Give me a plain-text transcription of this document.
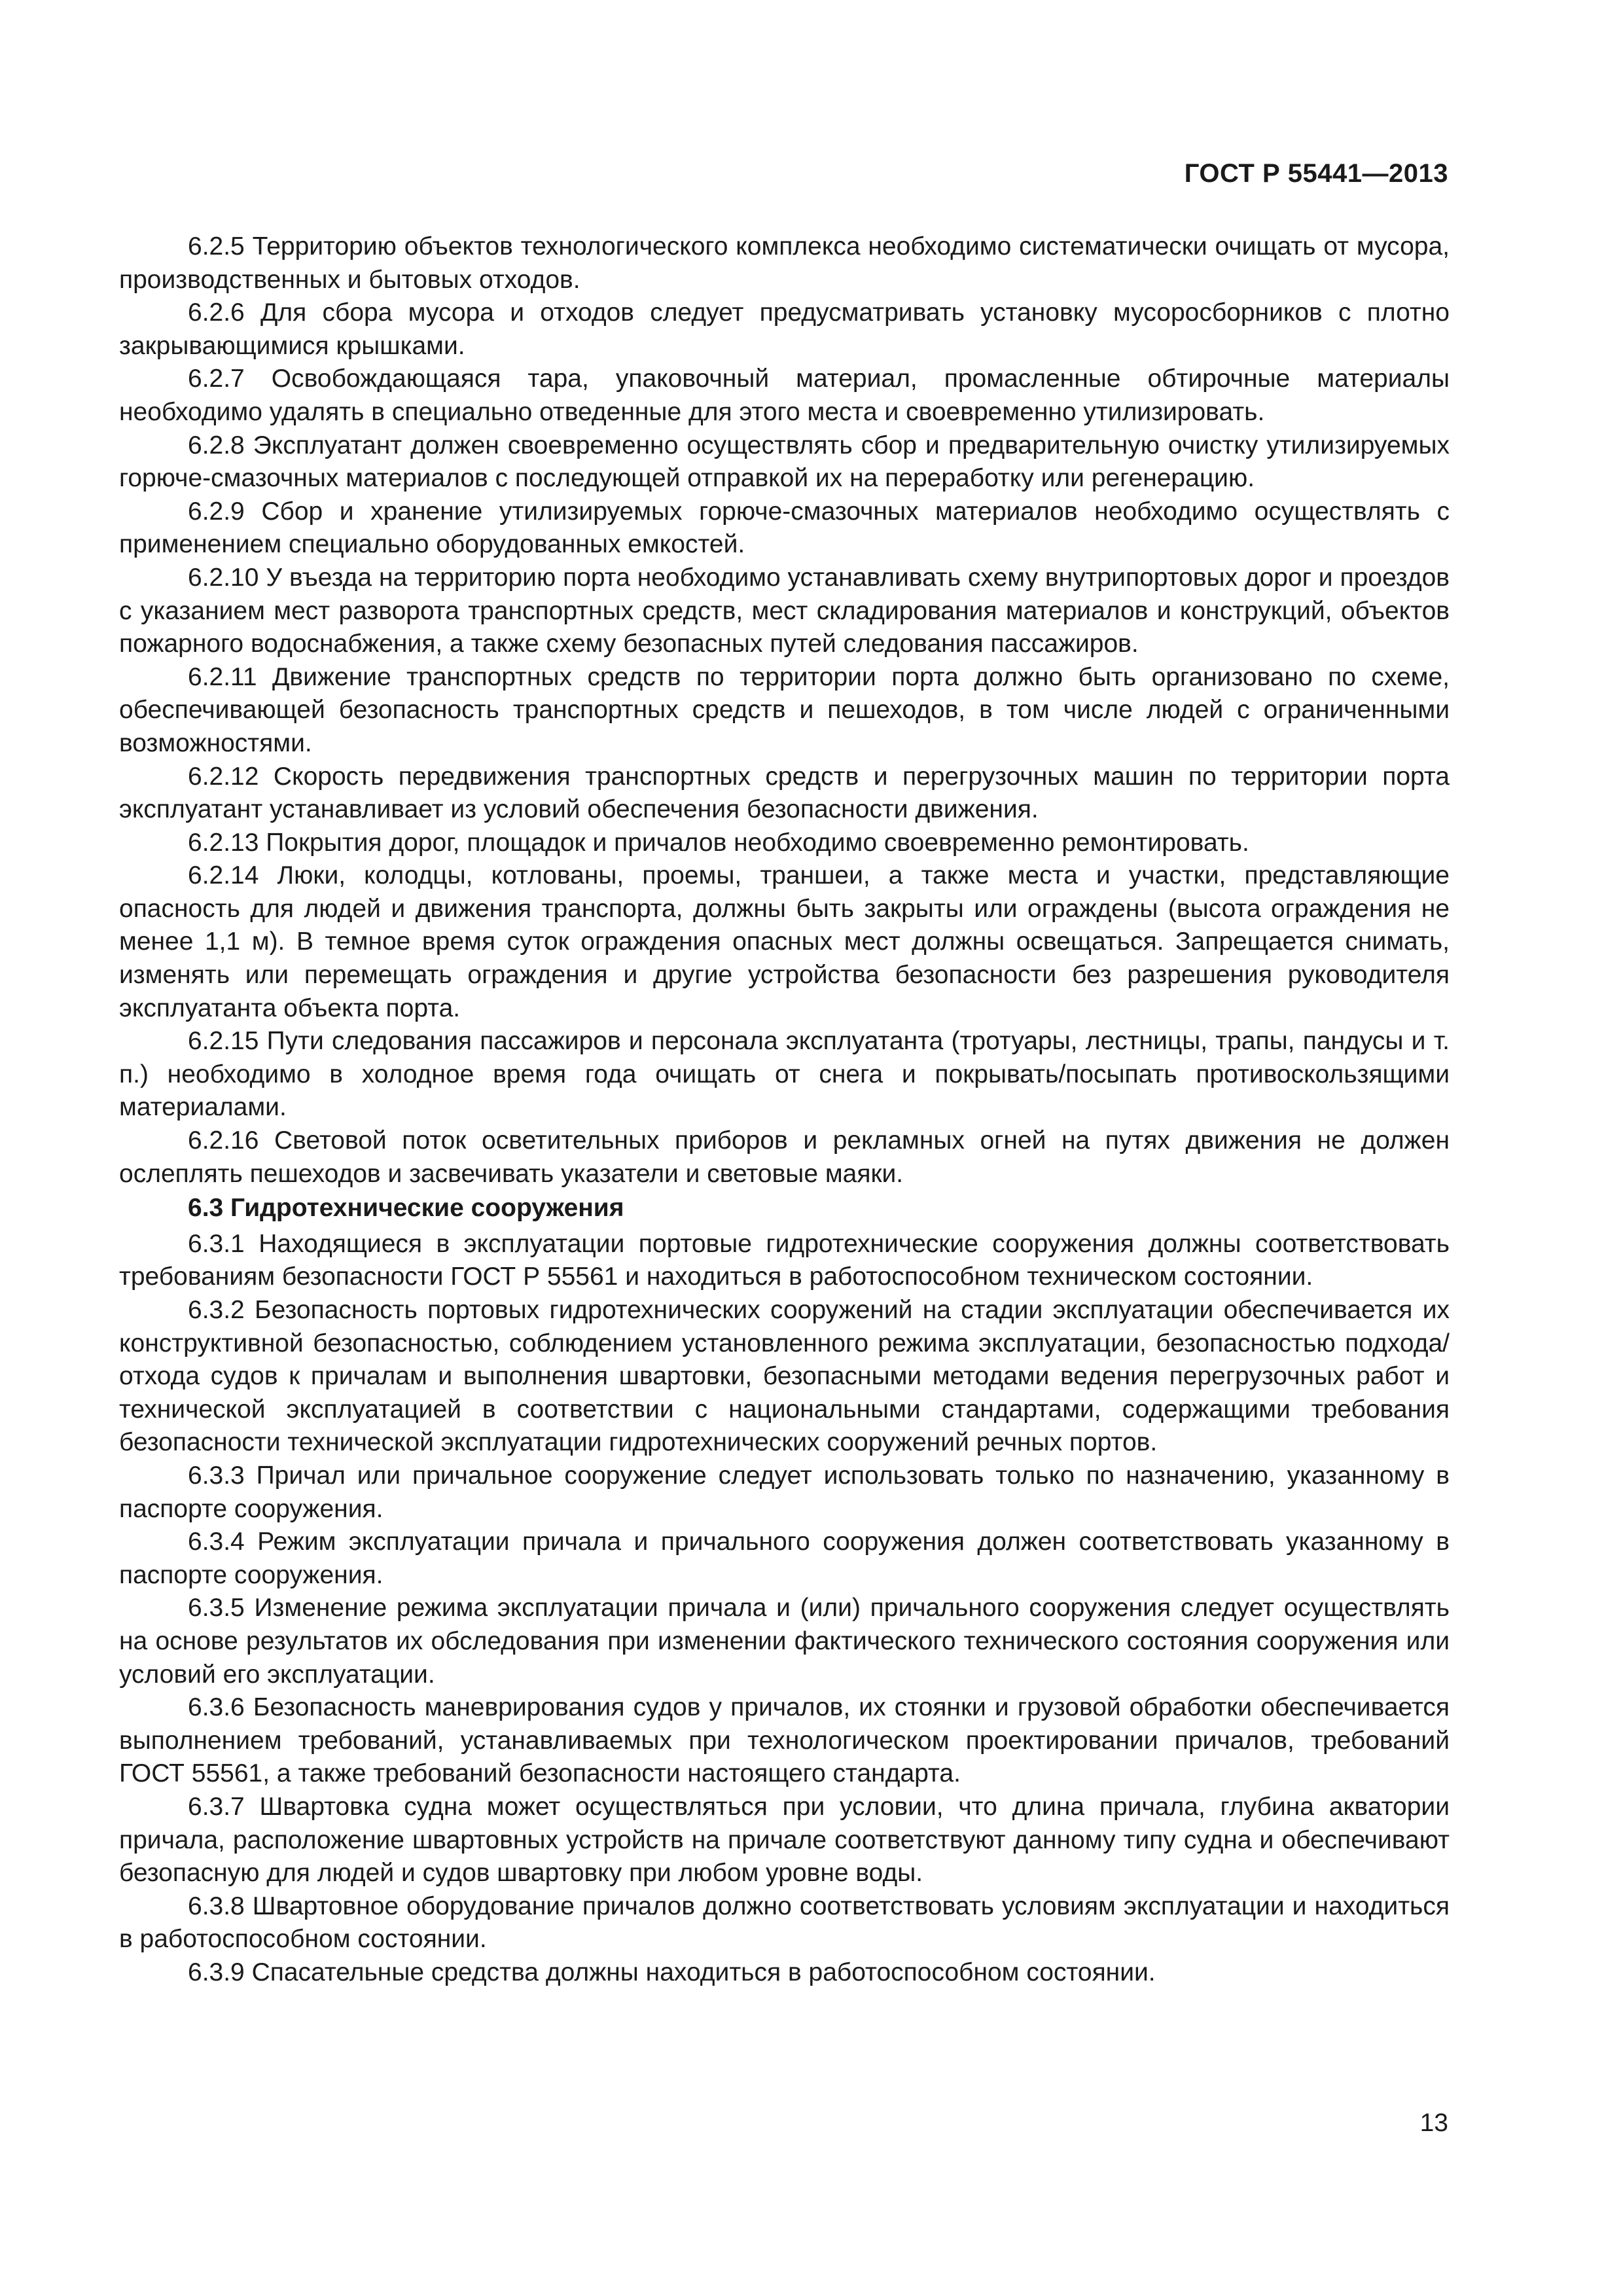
ГОСТ Р 55441—2013

6.2.5 Территорию объектов технологического комплекса необходимо систематически очищать от мусора, производственных и бытовых отходов.

6.2.6 Для сбора мусора и отходов следует предусматривать установку мусоросборников с плотно закрывающимися крышками.

6.2.7 Освобождающаяся тара, упаковочный материал, промасленные обтирочные материалы необходимо удалять в специально отведенные для этого места и своевременно утилизировать.

6.2.8 Эксплуатант должен своевременно осуществлять сбор и предварительную очистку утилизируемых горюче-смазочных материалов с последующей отправкой их на переработку или регенерацию.

6.2.9 Сбор и хранение утилизируемых горюче-смазочных материалов необходимо осуществлять с применением специально оборудованных емкостей.

6.2.10 У въезда на территорию порта необходимо устанавливать схему внутрипортовых дорог и проездов с указанием мест разворота транспортных средств, мест складирования материалов и конструкций, объектов пожарного водоснабжения, а также схему безопасных путей следования пассажиров.

6.2.11 Движение транспортных средств по территории порта должно быть организовано по схеме, обеспечивающей безопасность транспортных средств и пешеходов, в том числе людей с ограниченными возможностями.

6.2.12 Скорость передвижения транспортных средств и перегрузочных машин по территории порта эксплуатант устанавливает из условий обеспечения безопасности движения.

6.2.13 Покрытия дорог, площадок и причалов необходимо своевременно ремонтировать.

6.2.14 Люки, колодцы, котлованы, проемы, траншеи, а также места и участки, представляющие опасность для людей и движения транспорта, должны быть закрыты или ограждены (высота ограждения не менее 1,1 м). В темное время суток ограждения опасных мест должны освещаться. Запрещается снимать, изменять или перемещать ограждения и другие устройства безопасности без разрешения руководителя эксплуатанта объекта порта.

6.2.15 Пути следования пассажиров и персонала эксплуатанта (тротуары, лестницы, трапы, пандусы и т. п.) необходимо в холодное время года очищать от снега и покрывать/посыпать противоскользящими материалами.

6.2.16 Световой поток осветительных приборов и рекламных огней на путях движения не должен ослеплять пешеходов и засвечивать указатели и световые маяки.

6.3 Гидротехнические сооружения

6.3.1 Находящиеся в эксплуатации портовые гидротехнические сооружения должны соответствовать требованиям безопасности ГОСТ Р 55561 и находиться в работоспособном техническом состоянии.

6.3.2 Безопасность портовых гидротехнических сооружений на стадии эксплуатации обеспечивается их конструктивной безопасностью, соблюдением установленного режима эксплуатации, безопасностью подхода/отхода судов к причалам и выполнения швартовки, безопасными методами ведения перегрузочных работ и технической эксплуатацией в соответствии с национальными стандартами, содержащими требования безопасности технической эксплуатации гидротехнических сооружений речных портов.

6.3.3 Причал или причальное сооружение следует использовать только по назначению, указанному в паспорте сооружения.

6.3.4 Режим эксплуатации причала и причального сооружения должен соответствовать указанному в паспорте сооружения.

6.3.5 Изменение режима эксплуатации причала и (или) причального сооружения следует осуществлять на основе результатов их обследования при изменении фактического технического состояния сооружения или условий его эксплуатации.

6.3.6 Безопасность маневрирования судов у причалов, их стоянки и грузовой обработки обеспечивается выполнением требований, устанавливаемых при технологическом проектировании причалов, требований ГОСТ 55561, а также требований безопасности настоящего стандарта.

6.3.7 Швартовка судна может осуществляться при условии, что длина причала, глубина акватории причала, расположение швартовных устройств на причале соответствуют данному типу судна и обеспечивают безопасную для людей и судов швартовку при любом уровне воды.

6.3.8 Швартовное оборудование причалов должно соответствовать условиям эксплуатации и находиться в работоспособном состоянии.

6.3.9 Спасательные средства должны находиться в работоспособном состоянии.

13
